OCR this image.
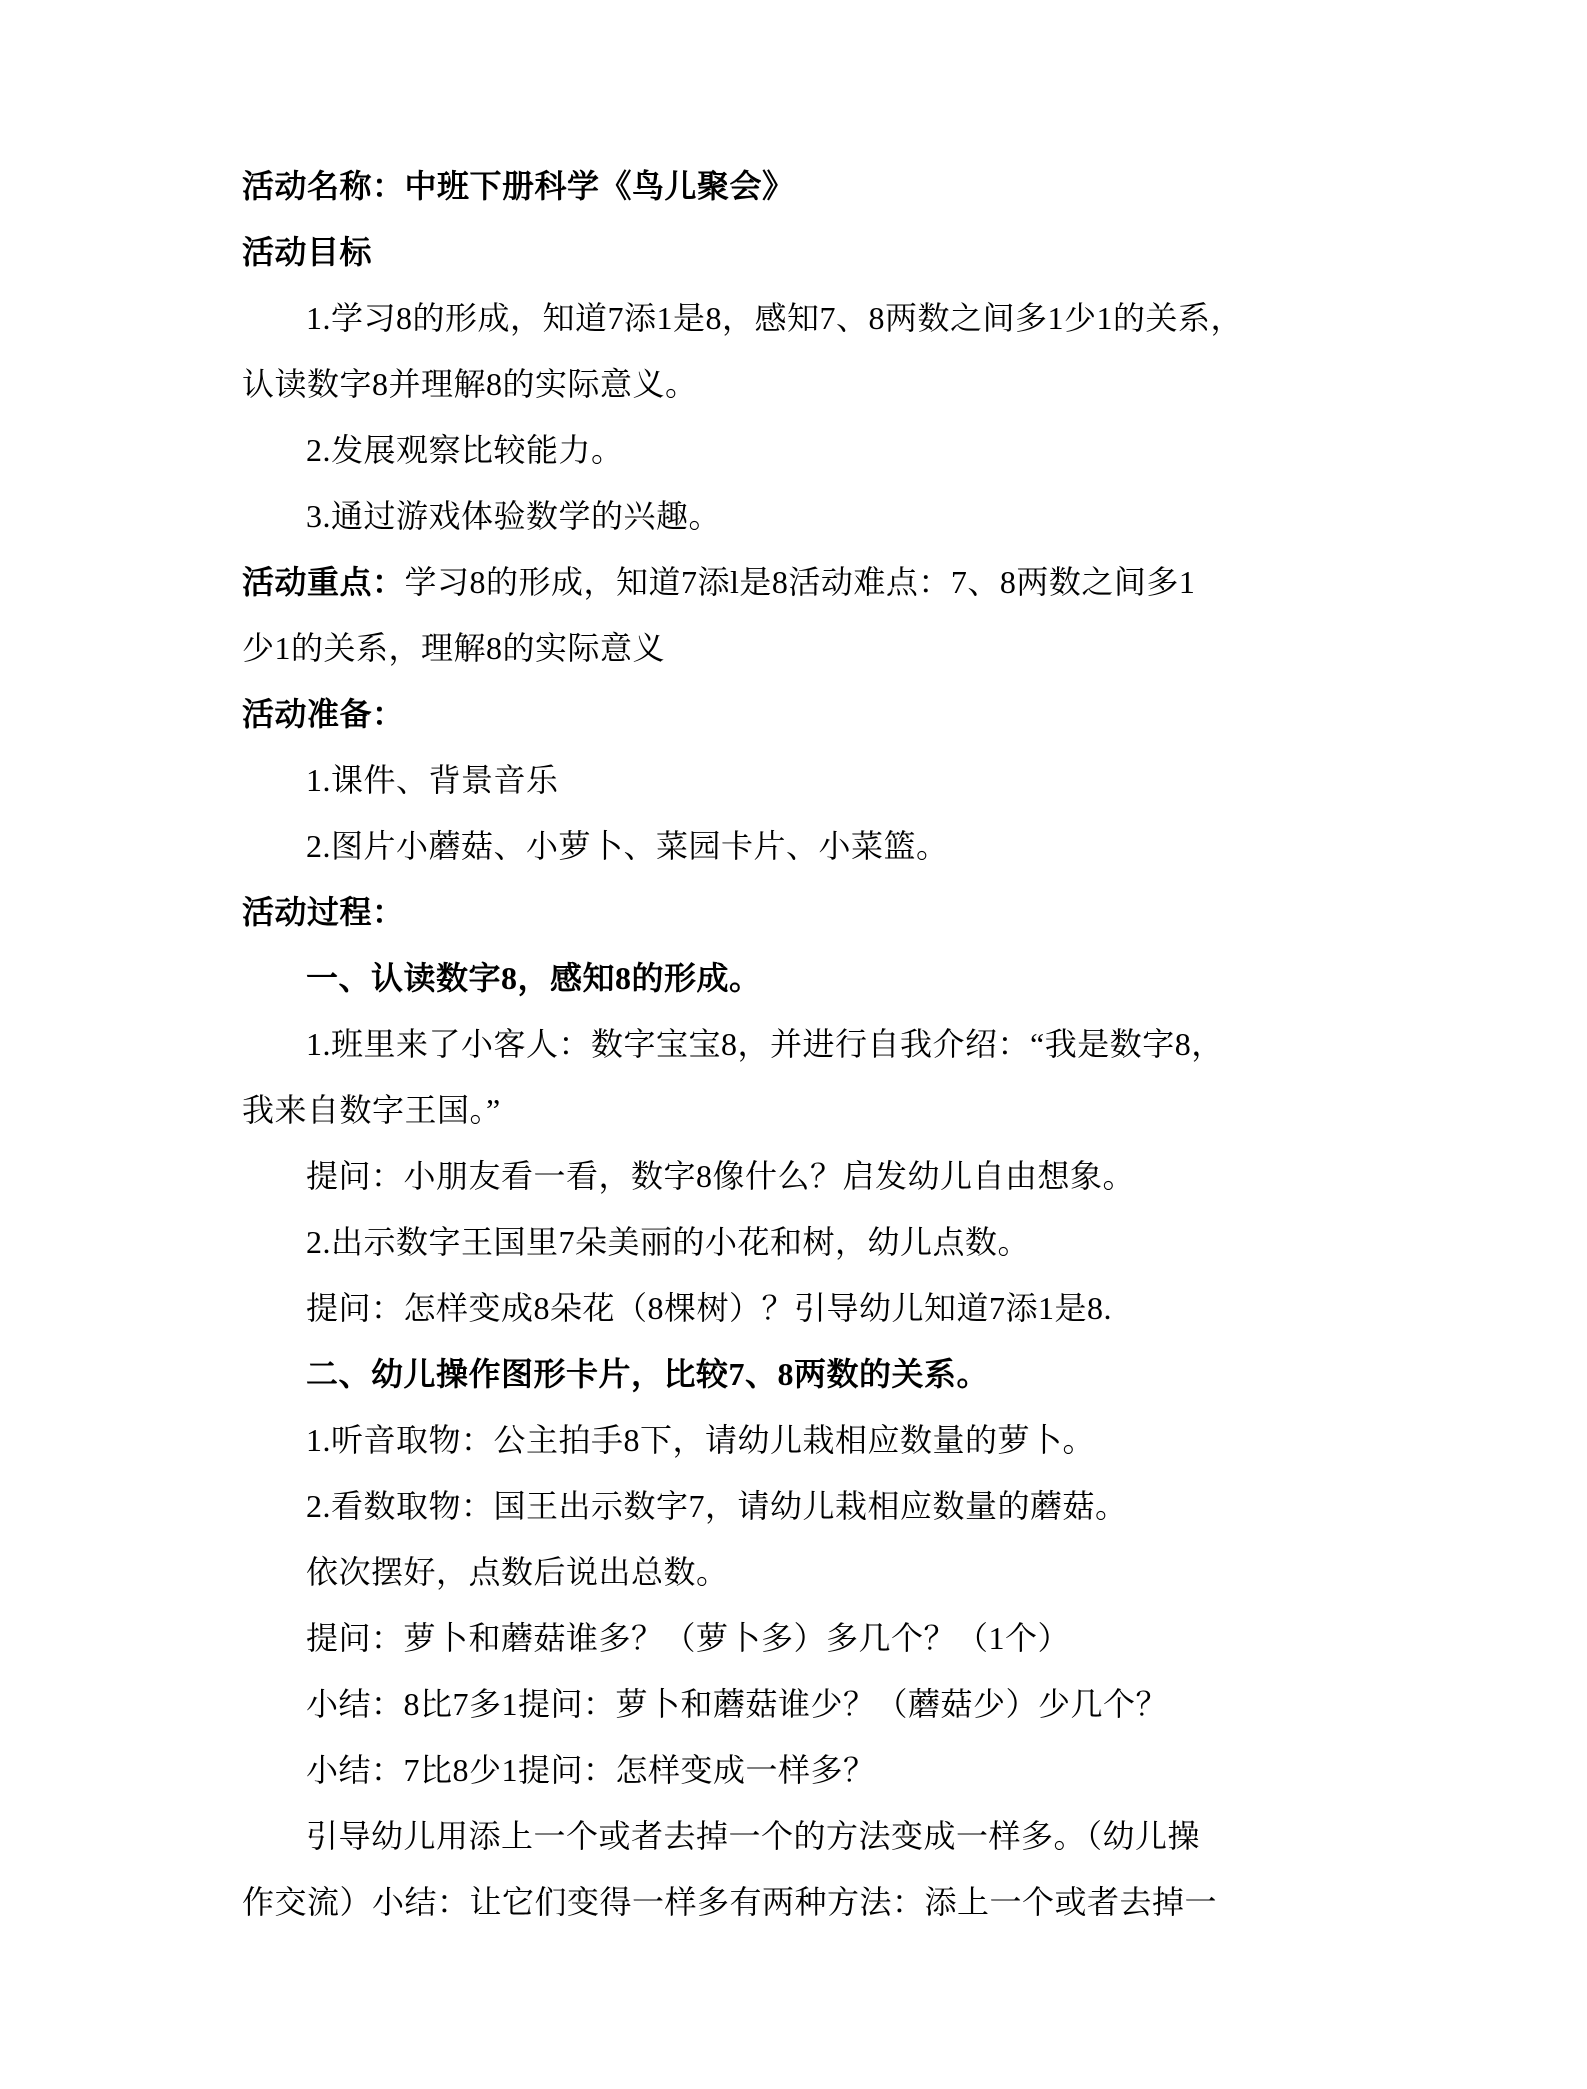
活动名称：中班下册科学《鸟儿聚会》
活动目标
1.学习8的形成，知道7添1是8，感知7、8两数之间多1少1的关系，
认读数字8并理解8的实际意义。
2.发展观察比较能力。
3.通过游戏体验数学的兴趣。
活动重点：学习8的形成，知道7添l是8活动难点：7、8两数之间多1
少1的关系，理解8的实际意义
活动准备：
1.课件、背景音乐
2.图片小蘑菇、小萝卜、菜园卡片、小菜篮。
活动过程：
一、认读数字8，感知8的形成。
1.班里来了小客人：数字宝宝8，并进行自我介绍：“我是数字8，
我来自数字王国。”
提问：小朋友看一看，数字8像什么？启发幼儿自由想象。
2.出示数字王国里7朵美丽的小花和树，幼儿点数。
提问：怎样变成8朵花（8棵树）？引导幼儿知道7添1是8.
二、幼儿操作图形卡片，比较7、8两数的关系。
1.听音取物：公主拍手8下，请幼儿栽相应数量的萝卜。
2.看数取物：国王出示数字7，请幼儿栽相应数量的蘑菇。
依次摆好，点数后说出总数。
提问：萝卜和蘑菇谁多？（萝卜多）多几个？（1个）
小结：8比7多1提问：萝卜和蘑菇谁少？（蘑菇少）少几个？
小结：7比8少1提问：怎样变成一样多？
引导幼儿用添上一个或者去掉一个的方法变成一样多。（幼儿操
作交流）小结：让它们变得一样多有两种方法：添上一个或者去掉一
